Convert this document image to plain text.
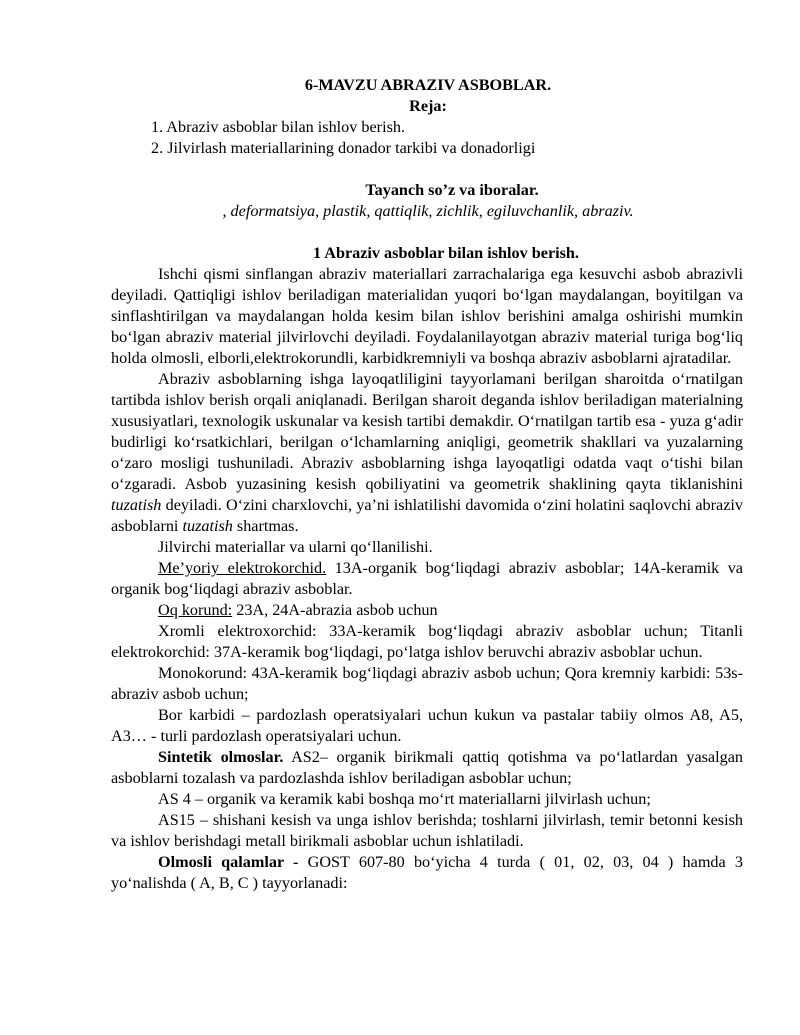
6-MAVZU ABRAZIV ASBOBLAR.
Reja:
1. Abraziv asboblar bilan ishlov berish.
2. Jilvirlash materiallarining donador tarkibi va donadorligi
Tayanch so’z va iboralar.
, deformatsiya, plastik, qattiqlik, zichlik, egiluvchanlik, abraziv.
1 Abraziv asboblar bilan ishlov berish.

Ishchi qismi sinflangan abraziv materiallari zarrachalariga ega kesuvchi asbob abrazivli deyiladi. Qattiqligi ishlov beriladigan materialidan yuqori bo‘lgan maydalangan, boyitilgan va sinflashtirilgan va maydalangan holda kesim bilan ishlov berishini amalga oshirishi mumkin bo‘lgan abraziv material jilvirlovchi deyiladi. Foydalanilayotgan abraziv material turiga bog‘liq holda olmosli, elborli,elektrokorundli, karbidkremniyli va boshqa abraziv asboblarni ajratadilar.

Abraziv asboblarning ishga layoqatliligini tayyorlamani berilgan sharoitda o‘rnatilgan tartibda ishlov berish orqali aniqlanadi. Berilgan sharoit deganda ishlov beriladigan materialning xususiyatlari, texnologik uskunalar va kesish tartibi demakdir. O‘rnatilgan tartib esa - yuza g‘adir budirligi ko‘rsatkichlari, berilgan o‘lchamlarning aniqligi, geometrik shakllari va yuzalarning o‘zaro mosligi tushuniladi. Abraziv asboblarning ishga layoqatligi odatda vaqt o‘tishi bilan o‘zgaradi. Asbob yuzasining kesish qobiliyatini va geometrik shaklining qayta tiklanishini tuzatish deyiladi. O‘zini charxlovchi, ya’ni ishlatilishi davomida o‘zini holatini saqlovchi abraziv asboblarni tuzatish shartmas.

Jilvirchi materiallar va ularni qo‘llanilishi.

Me’yoriy elektrokorchid. 13A-organik bog‘liqdagi abraziv asboblar; 14A-keramik va organik bog‘liqdagi abraziv asboblar.

Oq korund: 23A, 24A-abrazia asbob uchun

Xromli elektroxorchid: 33A-keramik bog‘liqdagi abraziv asboblar uchun; Titanli elektrokorchid: 37A-keramik bog‘liqdagi, po‘latga ishlov beruvchi abraziv asboblar uchun.

Monokorund: 43A-keramik bog‘liqdagi abraziv asbob uchun; Qora kremniy karbidi: 53s-abraziv asbob uchun;

Bor karbidi – pardozlash operatsiyalari uchun kukun va pastalar tabiiy olmos A8, A5, A3… - turli pardozlash operatsiyalari uchun.

Sintetik olmoslar. AS2– organik birikmali qattiq qotishma va po‘latlardan yasalgan asboblarni tozalash va pardozlashda ishlov beriladigan asboblar uchun;

AS 4 – organik va keramik kabi boshqa mo‘rt materiallarni jilvirlash uchun;

AS15 – shishani kesish va unga ishlov berishda; toshlarni jilvirlash, temir betonni kesish va ishlov berishdagi metall birikmali asboblar uchun ishlatiladi.

Olmosli qalamlar - GOST 607-80 bo‘yicha 4 turda ( 01, 02, 03, 04 ) hamda 3 yo‘nalishda ( A, B, C ) tayyorlanadi:
